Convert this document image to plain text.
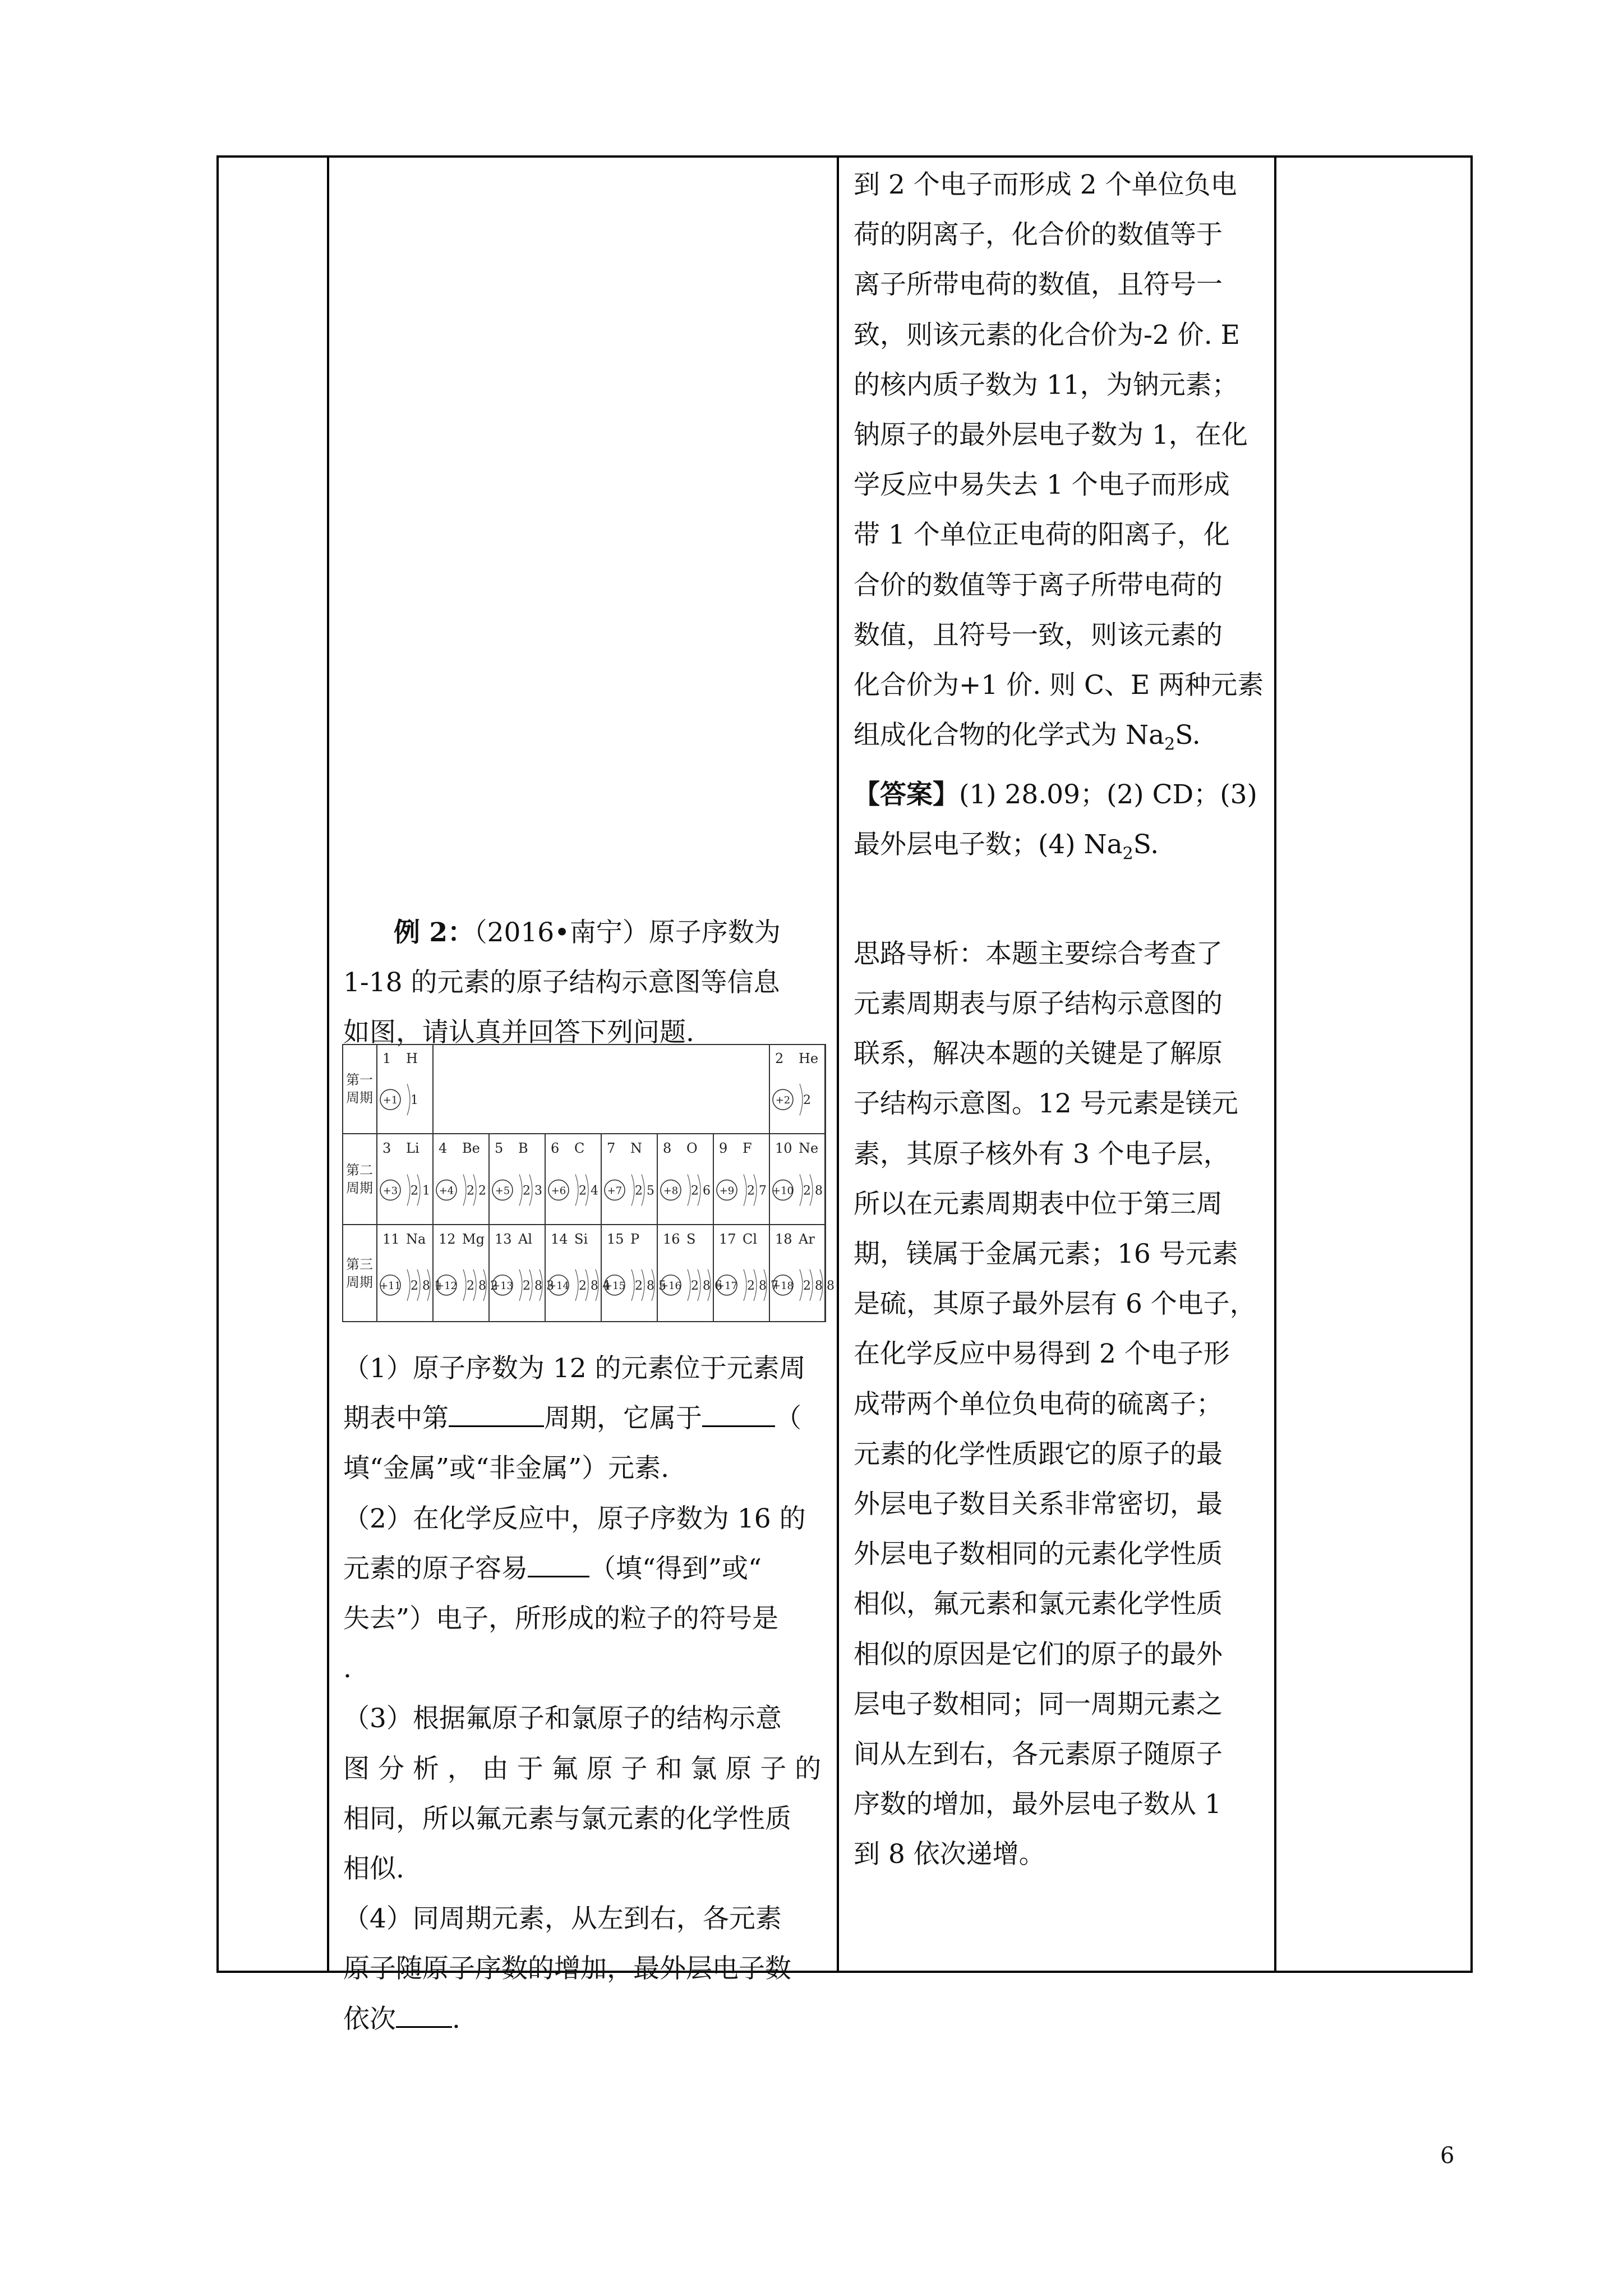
到 2 个电子而形成 2 个单位负电

荷的阴离子，化合价的数值等于

离子所带电荷的数值，且符号一

致，则该元素的化合价为-2 价. E

的核内质子数为 11，为钠元素；

钠原子的最外层电子数为 1，在化

学反应中易失去 1 个电子而形成

带 1 个单位正电荷的阳离子，化

合价的数值等于离子所带电荷的

数值，且符号一致，则该元素的

化合价为+1 价. 则 C、E 两种元素

组成化合物的化学式为 $Na_2S$.

【答案】(1) 28.09；(2) CD；(3)

最外层电子数；(4) $Na_2S$.

思路导析：本题主要综合考查了

元素周期表与原子结构示意图的

联系，解决本题的关键是了解原

子结构示意图。12 号元素是镁元

素，其原子核外有 3 个电子层，

所以在元素周期表中位于第三周

期，镁属于金属元素；16 号元素

是硫，其原子最外层有 6 个电子，

在化学反应中易得到 2 个电子形

成带两个单位负电荷的硫离子；

元素的化学性质跟它的原子的最

外层电子数目关系非常密切，最

外层电子数相同的元素化学性质

相似，氟元素和氯元素化学性质

相似的原因是它们的原子的最外

层电子数相同；同一周期元素之

间从左到右，各元素原子随原子

序数的增加，最外层电子数从 1

到 8 依次递增。

例 2：（2016•南宁）原子序数为

1-18 的元素的原子结构示意图等信息

如图，请认真并回答下列问题.

第一
周期
第二
周期
第三
周期
1 H
+1 1
2 He
+2 2
3 Li
+3 2 1
4 Be
+4 2 2
5 B
+5 2 3
6 C
+6 2 4
7 N
+7 2 5
8 O
+8 2 6
9 F
+9 2 7
10 Ne
+10 2 8
11 Na
+11 2 8 1
12 Mg
+12 2 8 2
13 Al
+13 2 8 3
14 Si
+14 2 8 4
15 P
+15 2 8 5
16 S
+16 2 8 6
17 Cl
+17 2 8 7
18 Ar
+18 2 8 8

（1）原子序数为 12 的元素位于元素周

期表中第	周期，它属于	（

填“金属”或“非金属”）元素.

（2）在化学反应中，原子序数为 16 的

元素的原子容易 （填“得到”或“

失去”）电子，所形成的粒子的符号是

.

（3）根据氟原子和氯原子的结构示意

图 分 析 ， 由 于 氟 原 子 和 氯 原 子 的

相同，所以氟元素与氯元素的化学性质

相似.

（4）同周期元素，从左到右，各元素

原子随原子序数的增加，最外层电子数

依次 .

6
